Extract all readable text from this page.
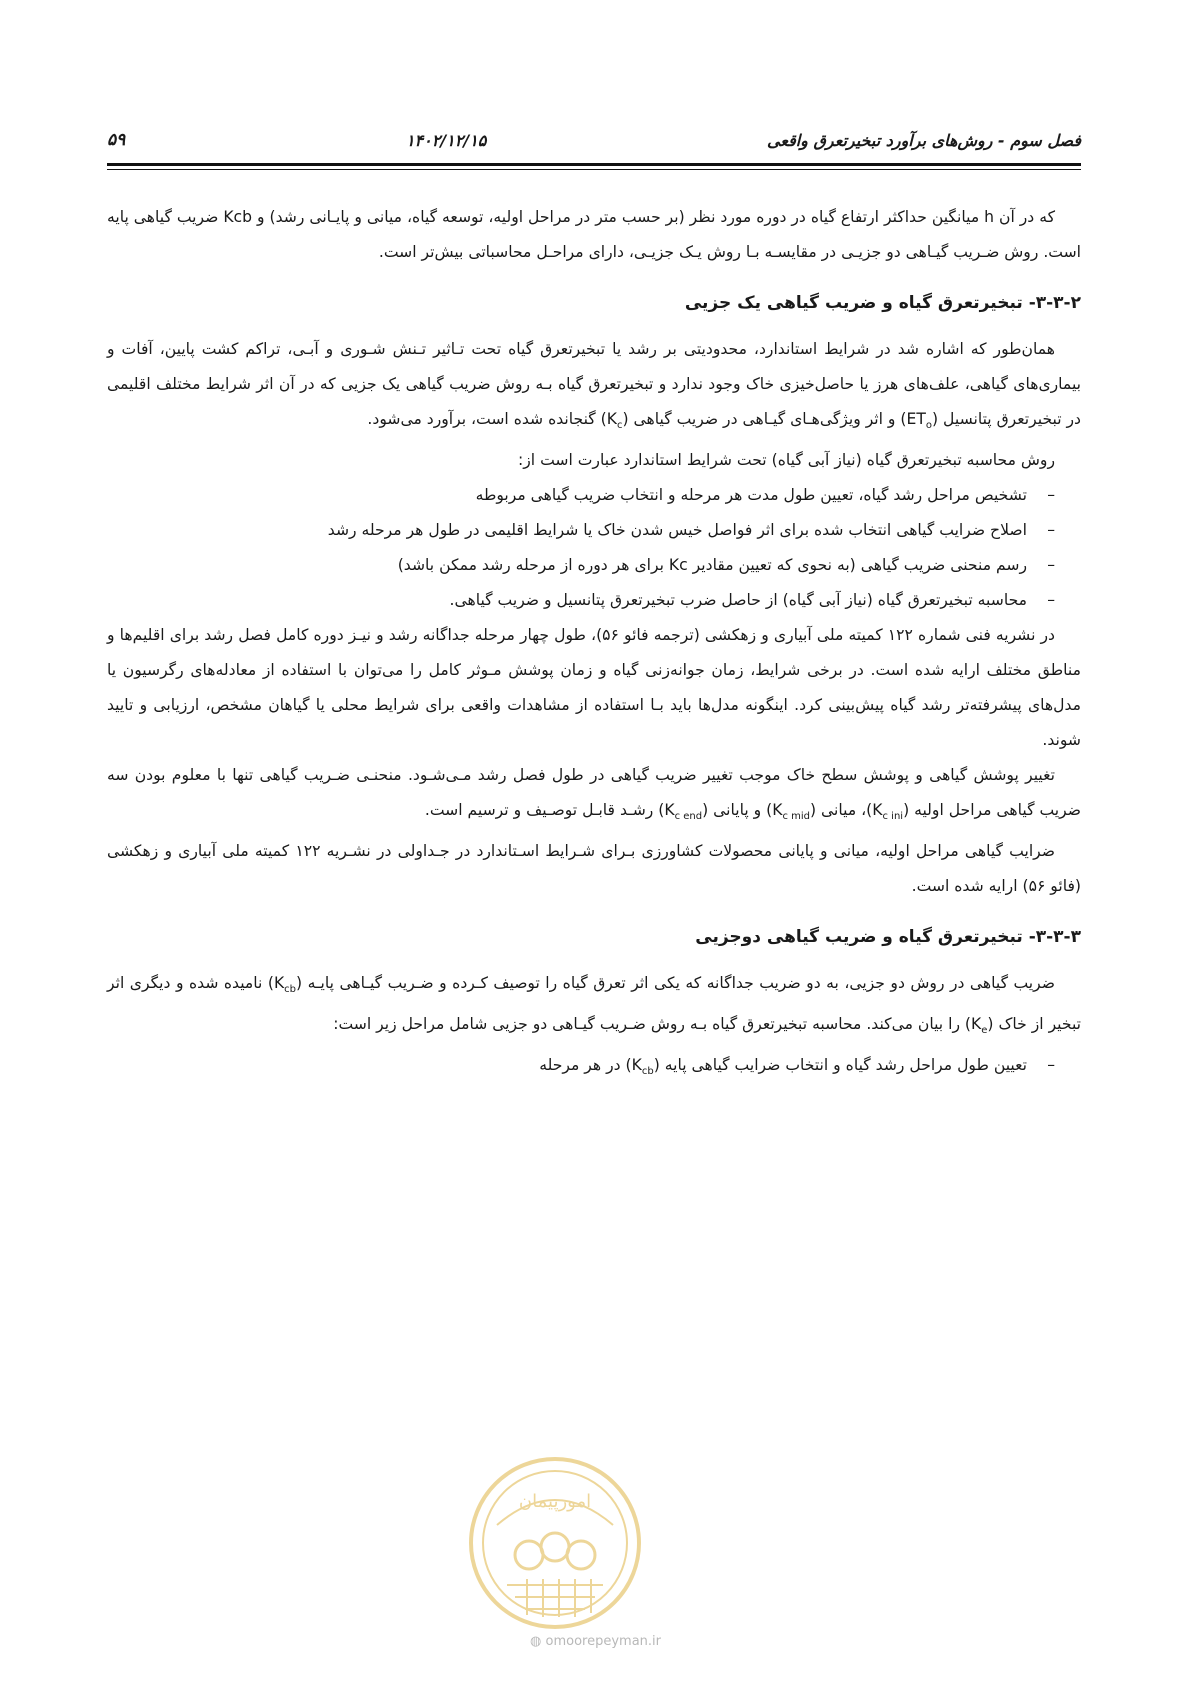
فصل سوم - روش‌های برآورد تبخیرتعرق واقعی
۱۴۰۲/۱۲/۱۵
۵۹

که در آن h میانگین حداکثر ارتفاع گیاه در دوره مورد نظر (بر حسب متر در مراحل اولیه، توسعه گیاه، میانی و پایـانی رشد) و Kcb ضریب گیاهی پایه است. روش ضـریب گیـاهی دو جزیـی در مقایسـه بـا روش یـک جزیـی، دارای مراحـل محاسباتی بیش‌تر است.

۳-۳-۲- تبخیرتعرق گیاه و ضریب گیاهی یک جزیی

همان‌طور که اشاره شد در شرایط استاندارد، محدودیتی بر رشد یا تبخیرتعرق گیاه تحت تـاثیر تـنش شـوری و آبـی، تراکم کشت پایین، آفات و بیماری‌های گیاهی، علف‌های هرز یا حاصل‌خیزی خاک وجود ندارد و تبخیرتعرق گیاه بـه روش ضریب گیاهی یک جزیی که در آن اثر شرایط مختلف اقلیمی در تبخیرتعرق پتانسیل $(ET_o)$ و اثر ویژگی‌هـای گیـاهی در ضریب گیاهی $(K_c)$ گنجانده شده است، برآورد می‌شود.

روش محاسبه تبخیرتعرق گیاه (نیاز آبی گیاه) تحت شرایط استاندارد عبارت است از:

– تشخیص مراحل رشد گیاه، تعیین طول مدت هر مرحله و انتخاب ضریب گیاهی مربوطه
– اصلاح ضرایب گیاهی انتخاب شده برای اثر فواصل خیس شدن خاک یا شرایط اقلیمی در طول هر مرحله رشد
– رسم منحنی ضریب گیاهی (به نحوی که تعیین مقادیر Kc برای هر دوره از مرحله رشد ممکن باشد)
– محاسبه تبخیرتعرق گیاه (نیاز آبی گیاه) از حاصل ضرب تبخیرتعرق پتانسیل و ضریب گیاهی.

در نشریه فنی شماره ۱۲۲ کمیته ملی آبیاری و زهکشی (ترجمه فائو ۵۶)، طول چهار مرحله جداگانه رشد و نیـز دوره کامل فصل رشد برای اقلیم‌ها و مناطق مختلف ارایه شده است. در برخی شرایط، زمان جوانه‌زنی گیاه و زمان پوشش مـوثر کامل را می‌توان با استفاده از معادله‌های رگرسیون یا مدل‌های پیشرفته‌تر رشد گیاه پیش‌بینی کرد. اینگونه مدل‌ها باید بـا استفاده از مشاهدات واقعی برای شرایط محلی یا گیاهان مشخص، ارزیابی و تایید شوند.

تغییر پوشش گیاهی و پوشش سطح خاک موجب تغییر ضریب گیاهی در طول فصل رشد مـی‌شـود. منحنـی ضـریب گیاهی تنها با معلوم بودن سه ضریب گیاهی مراحل اولیه $(K_{c ini})،$ میانی $(K_{c mid})$ و پایانی $(K_{c end})$ رشـد قابـل توصـیف و ترسیم است.

ضرایب گیاهی مراحل اولیه، میانی و پایانی محصولات کشاورزی بـرای شـرایط اسـتاندارد در جـداولی در نشـریه ۱۲۲ کمیته ملی آبیاری و زهکشی (فائو ۵۶) ارایه شده است.

۳-۳-۳- تبخیرتعرق گیاه و ضریب گیاهی دوجزیی

ضریب گیاهی در روش دو جزیی، به دو ضریب جداگانه که یکی اثر تعرق گیاه را توصیف کـرده و ضـریب گیـاهی پایـه $(K_{cb})$ نامیده شده و دیگری اثر تبخیر از خاک $(K_e)$ را بیان می‌کند. محاسبه تبخیرتعرق گیاه بـه روش ضـریب گیـاهی دو جزیی شامل مراحل زیر است:

– تعیین طول مراحل رشد گیاه و انتخاب ضرایب گیاهی پایه $(K_{cb})$ در هر مرحله
امورپیمان
◍ omoorepeyman.ir
